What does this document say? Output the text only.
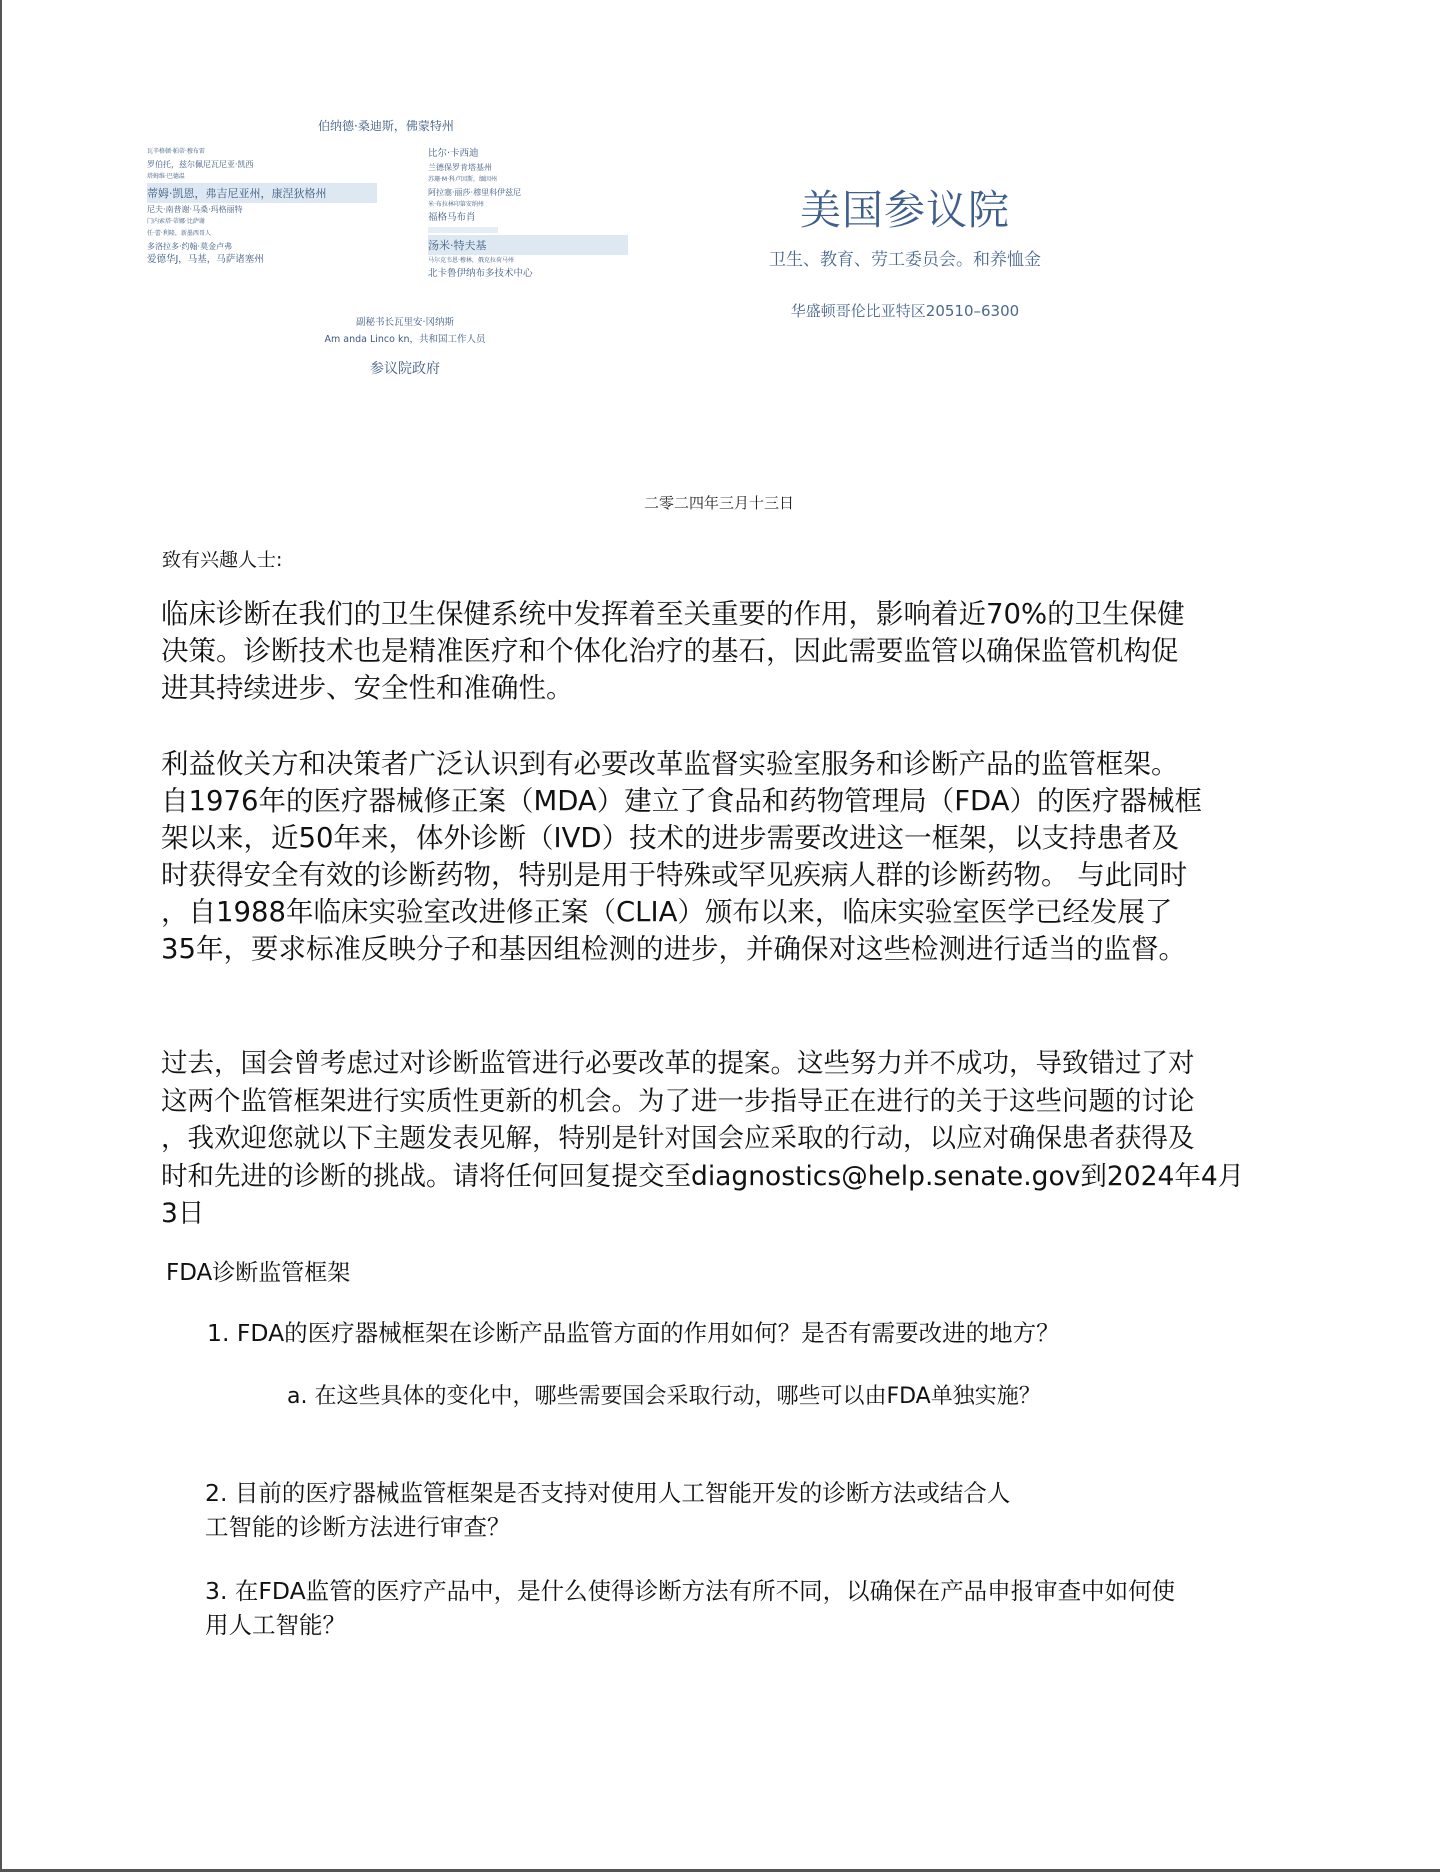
伯纳德·桑迪斯，佛蒙特州
瓦辛格顿·帕蒂·穆布雷
罗伯托，兹尔佩尼瓦尼亚·凯西
塔姆维·巴德温
蒂姆·凯恩，弗吉尼亚州，康涅狄格州
尼夫·南普谢·马桑·玛格丽特
门内索塔·蒂娜·比萨谢
任·蕾·利隆，新墨西哥人
多洛拉多·约翰·莫金卢弗
爱德华J，马基，马萨诸塞州
比尔·卡西迪
兰德保罗肯塔基州
苏珊·M·科卢因斯，缅因州
阿拉塞·丽莎·穆里科伊兹尼
米·布拉林印第安纳州
福格马布肖
汤米·特夫基
马尔克韦恩·穆林，俄克拉荷马州
北卡鲁伊纳布多技术中心
副秘书长瓦里安·冈纳斯
Am anda Linco kn，共和国工作人员
参议院政府
美国参议院
卫生、教育、劳工委员会。和养恤金
华盛顿哥伦比亚特区20510–6300
二零二四年三月十三日
致有兴趣人士:
临床诊断在我们的卫生保健系统中发挥着至关重要的作用，影响着近70%的卫生保健
决策。诊断技术也是精准医疗和个体化治疗的基石，因此需要监管以确保监管机构促
进其持续进步、安全性和准确性。
利益攸关方和决策者广泛认识到有必要改革监督实验室服务和诊断产品的监管框架。
自1976年的医疗器械修正案（MDA）建立了食品和药物管理局（FDA）的医疗器械框
架以来，近50年来，体外诊断（IVD）技术的进步需要改进这一框架，以支持患者及
时获得安全有效的诊断药物，特别是用于特殊或罕见疾病人群的诊断药物。 与此同时
，自1988年临床实验室改进修正案（CLIA）颁布以来，临床实验室医学已经发展了
35年，要求标准反映分子和基因组检测的进步，并确保对这些检测进行适当的监督。
过去，国会曾考虑过对诊断监管进行必要改革的提案。这些努力并不成功，导致错过了对
这两个监管框架进行实质性更新的机会。为了进一步指导正在进行的关于这些问题的讨论
，我欢迎您就以下主题发表见解，特别是针对国会应采取的行动，以应对确保患者获得及
时和先进的诊断的挑战。请将任何回复提交至diagnostics@help.senate.gov到2024年4月
3日
FDA诊断监管框架
1. FDA的医疗器械框架在诊断产品监管方面的作用如何？是否有需要改进的地方？
a. 在这些具体的变化中，哪些需要国会采取行动，哪些可以由FDA单独实施？
2. 目前的医疗器械监管框架是否支持对使用人工智能开发的诊断方法或结合人
工智能的诊断方法进行审查？
3. 在FDA监管的医疗产品中，是什么使得诊断方法有所不同，以确保在产品申报审查中如何使
用人工智能？
